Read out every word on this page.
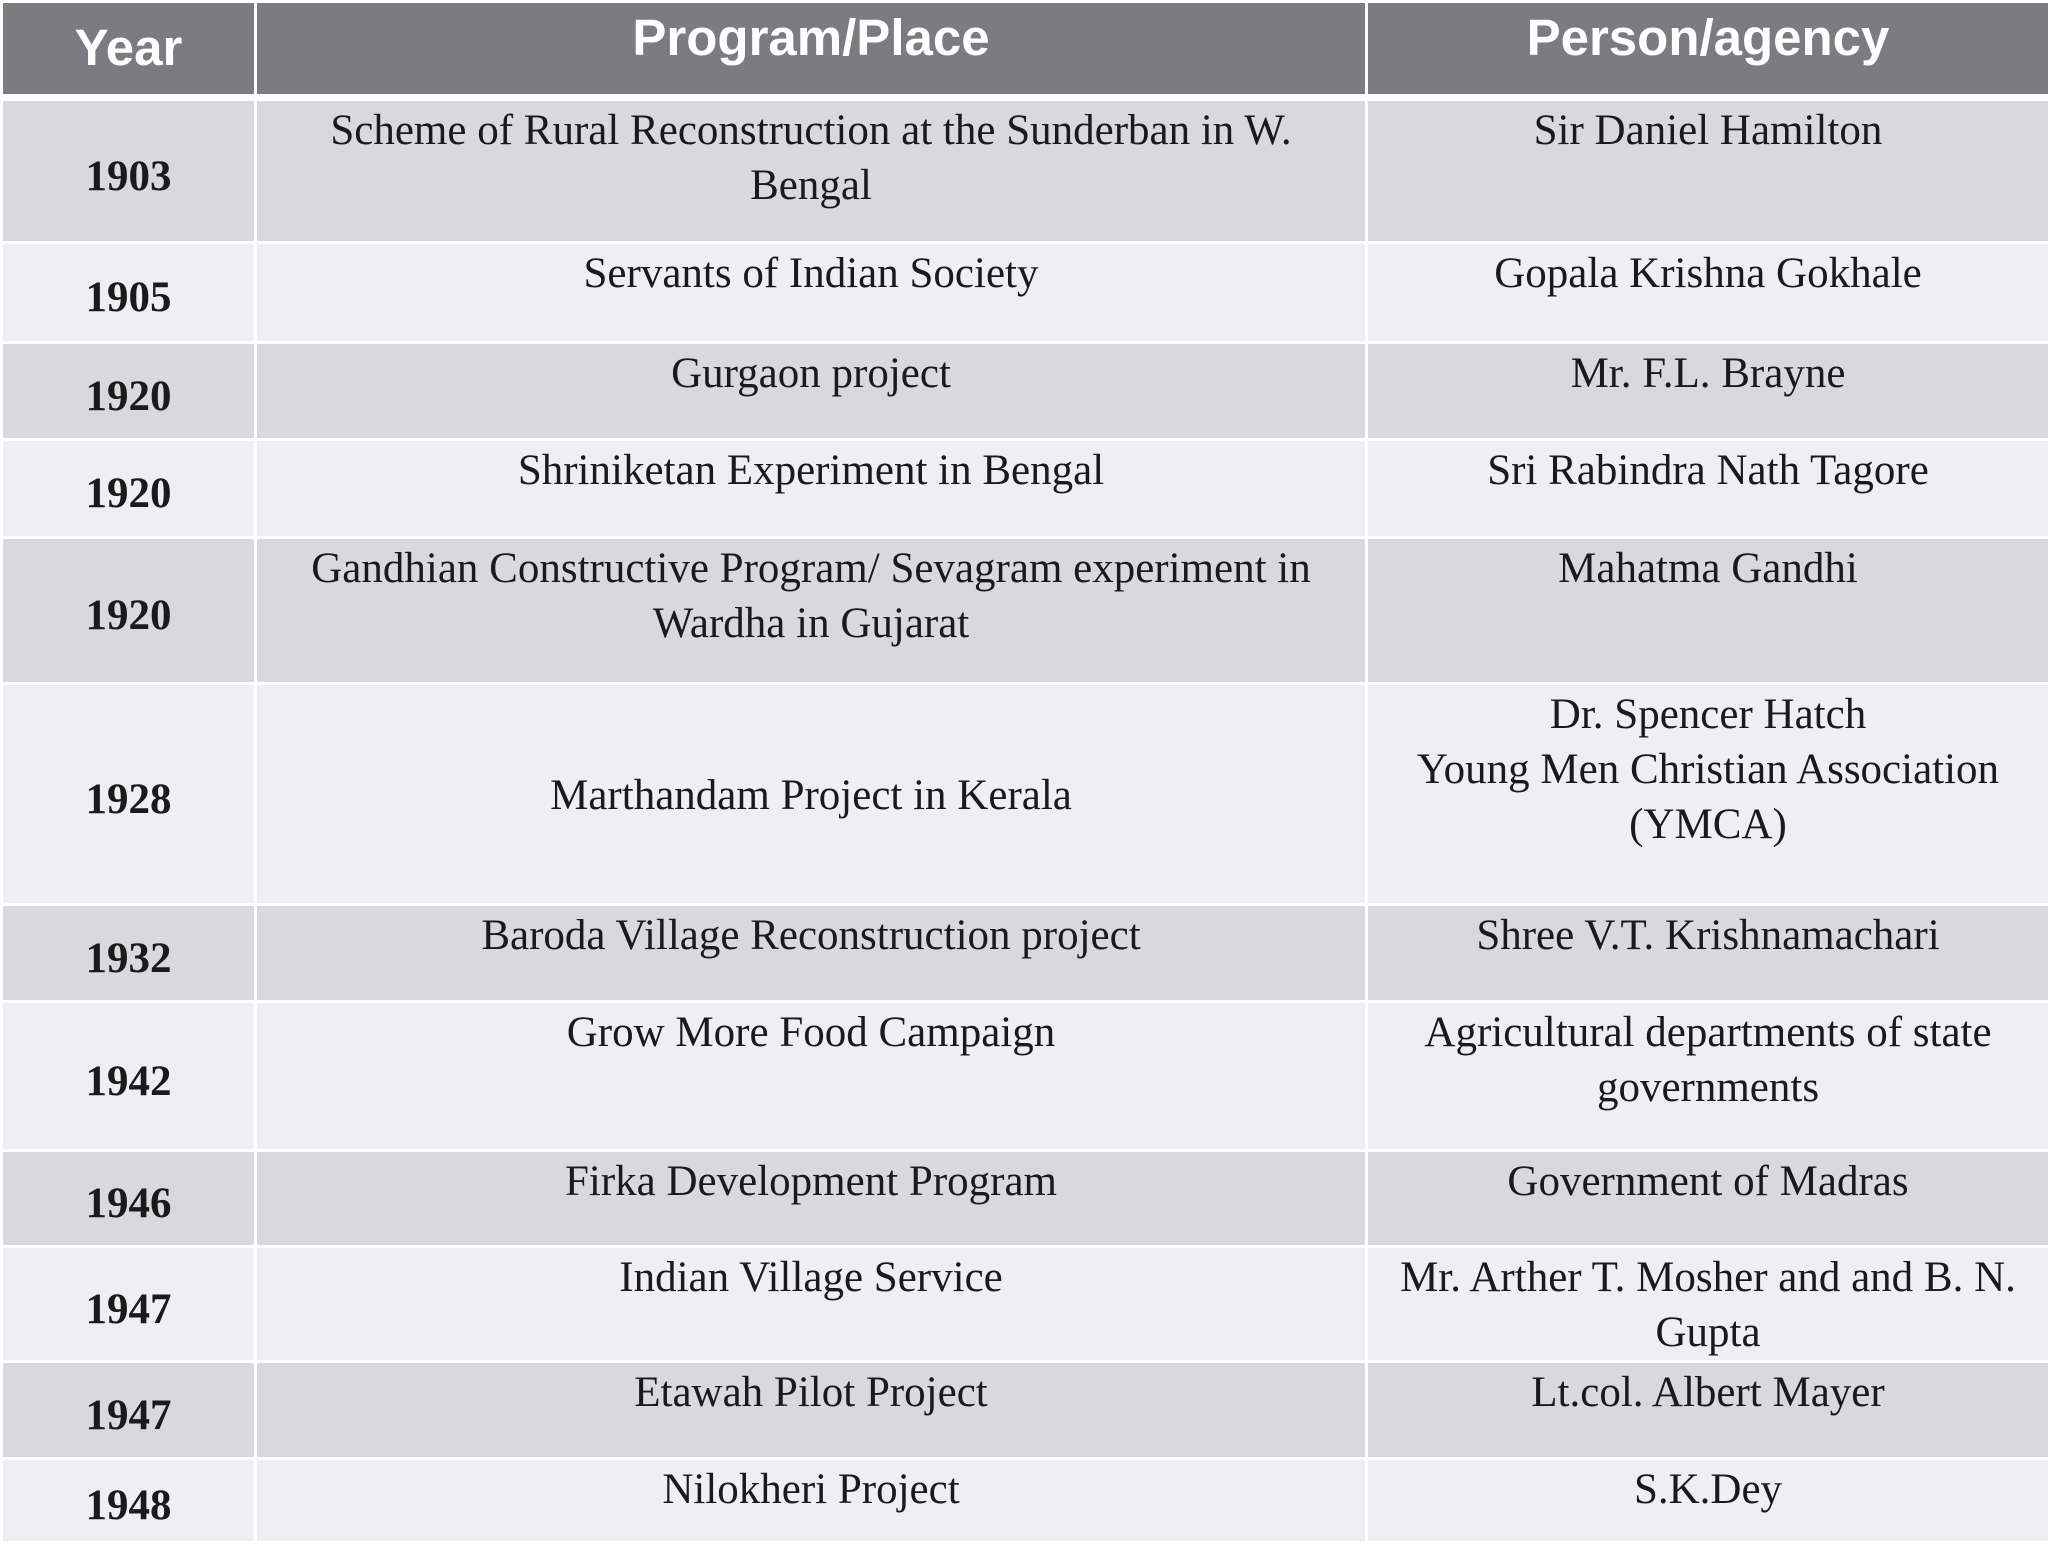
Year	Program/Place	Person/agency
1903	Scheme of Rural Reconstruction at the Sunderban in W. Bengal	Sir Daniel Hamilton

1905	Servants of Indian Society	Gopala Krishna Gokhale

1920	Gurgaon project	Mr. F.L. Brayne

1920	Shriniketan Experiment in Bengal	Sri Rabindra Nath Tagore

1920	Gandhian Constructive Program/ Sevagram experiment in Wardha in Gujarat	Mahatma Gandhi

1928	Marthandam Project in Kerala	Dr. Spencer Hatch
Young Men Christian Association (YMCA)

1932	Baroda Village Reconstruction project	Shree V.T. Krishnamachari

1942	Grow More Food Campaign	Agricultural departments of state governments

1946	Firka Development Program	Government of Madras

1947	Indian Village Service	Mr. Arther T. Mosher and and B. N. Gupta

1947	Etawah Pilot Project	Lt.col. Albert Mayer

1948	Nilokheri Project	S.K.Dey
